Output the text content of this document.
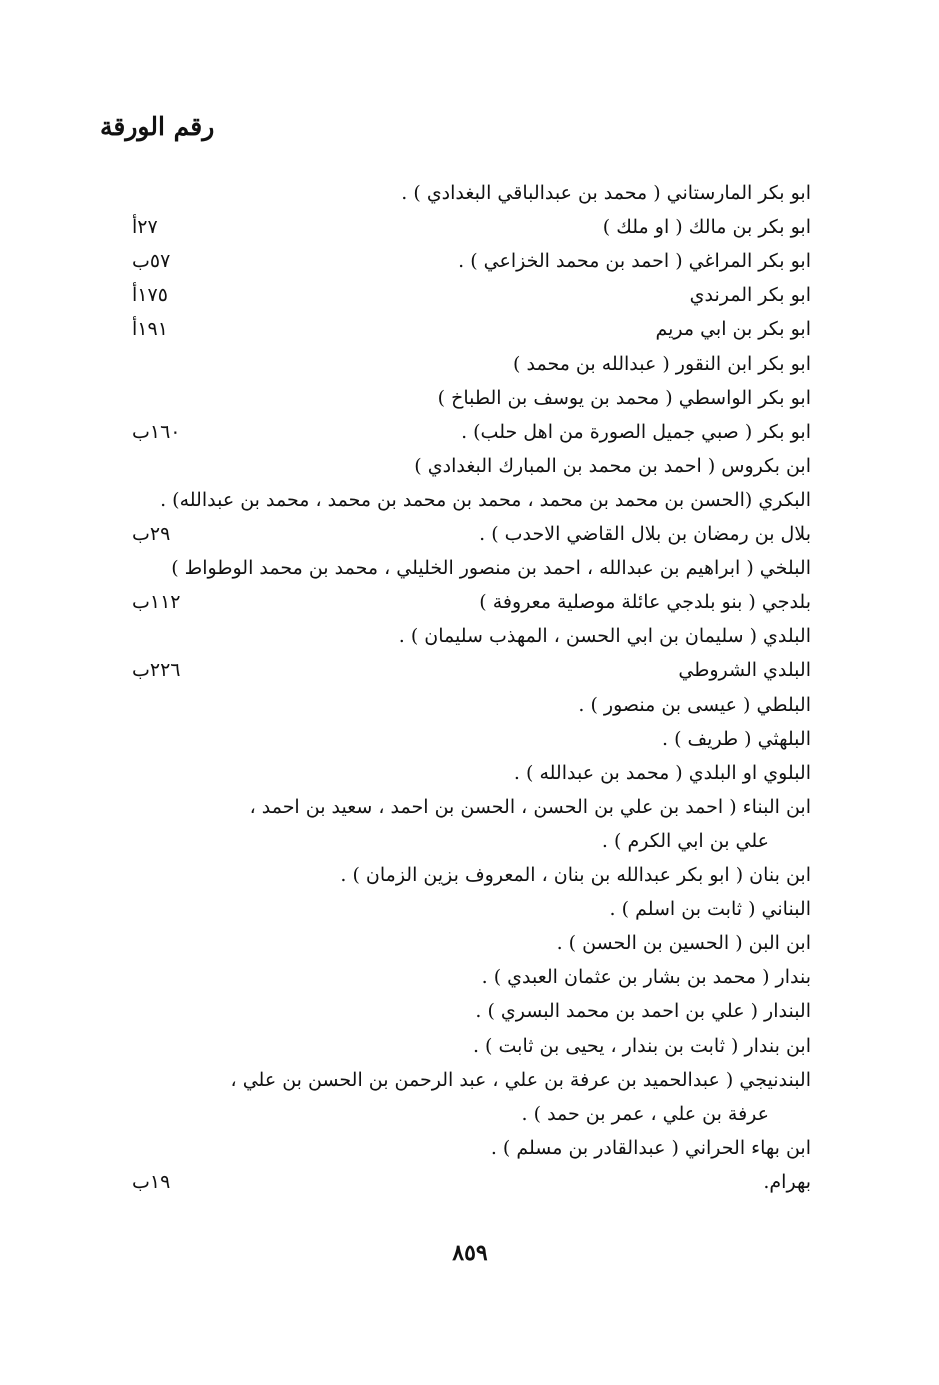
رقم الورقة
ابو بكر المارستاني ( محمد بن عبدالباقي البغدادي ) .
ابو بكر بن مالك ( او ملك )
٢٧أ
ابو بكر المراغي ( احمد بن محمد الخزاعي ) .
٥٧ب
ابو بكر المرندي
١٧٥أ
ابو بكر بن ابي مريم
١٩١أ
ابو بكر ابن النقور ( عبدالله بن محمد )
ابو بكر الواسطي ( محمد بن يوسف بن الطباخ )
ابو بكر ( صبي جميل الصورة من اهل حلب) .
١٦٠ب
ابن بكروس ( احمد بن محمد بن المبارك البغدادي )
البكري (الحسن بن محمد بن محمد ، محمد بن محمد بن محمد ، محمد بن عبدالله) .
بلال بن رمضان بن بلال القاضي الاحدب ) .
٢٩ب
البلخي ( ابراهيم بن عبدالله ، احمد بن منصور الخليلي ، محمد بن محمد الوطواط )
بلدجي ( بنو بلدجي عائلة موصلية معروفة )
١١٢ب
البلدي ( سليمان بن ابي الحسن ، المهذب سليمان ) .
البلدي الشروطي
٢٢٦ب
البلطي ( عيسى بن منصور ) .
البلهثي ( طريف ) .
البلوي او البلدي ( محمد بن عبدالله ) .
ابن البناء ( احمد بن علي بن الحسن ، الحسن بن احمد ، سعيد بن احمد ،
علي بن ابي الكرم ) .
ابن بنان ( ابو بكر عبدالله بن بنان ، المعروف بزين الزمان ) .
البناني ( ثابت بن اسلم ) .
ابن البن ( الحسين بن الحسن ) .
بندار ( محمد بن بشار بن عثمان العبدي ) .
البندار ( علي بن احمد بن محمد البسري ) .
ابن بندار ( ثابت بن بندار ، يحيى بن ثابت ) .
البندنيجي ( عبدالحميد بن عرفة بن علي ، عبد الرحمن بن الحسن بن علي ،
عرفة بن علي ، عمر بن حمد ) .
ابن بهاء الحراني ( عبدالقادر بن مسلم ) .
بهرام.
١٩ب
٨٥٩
